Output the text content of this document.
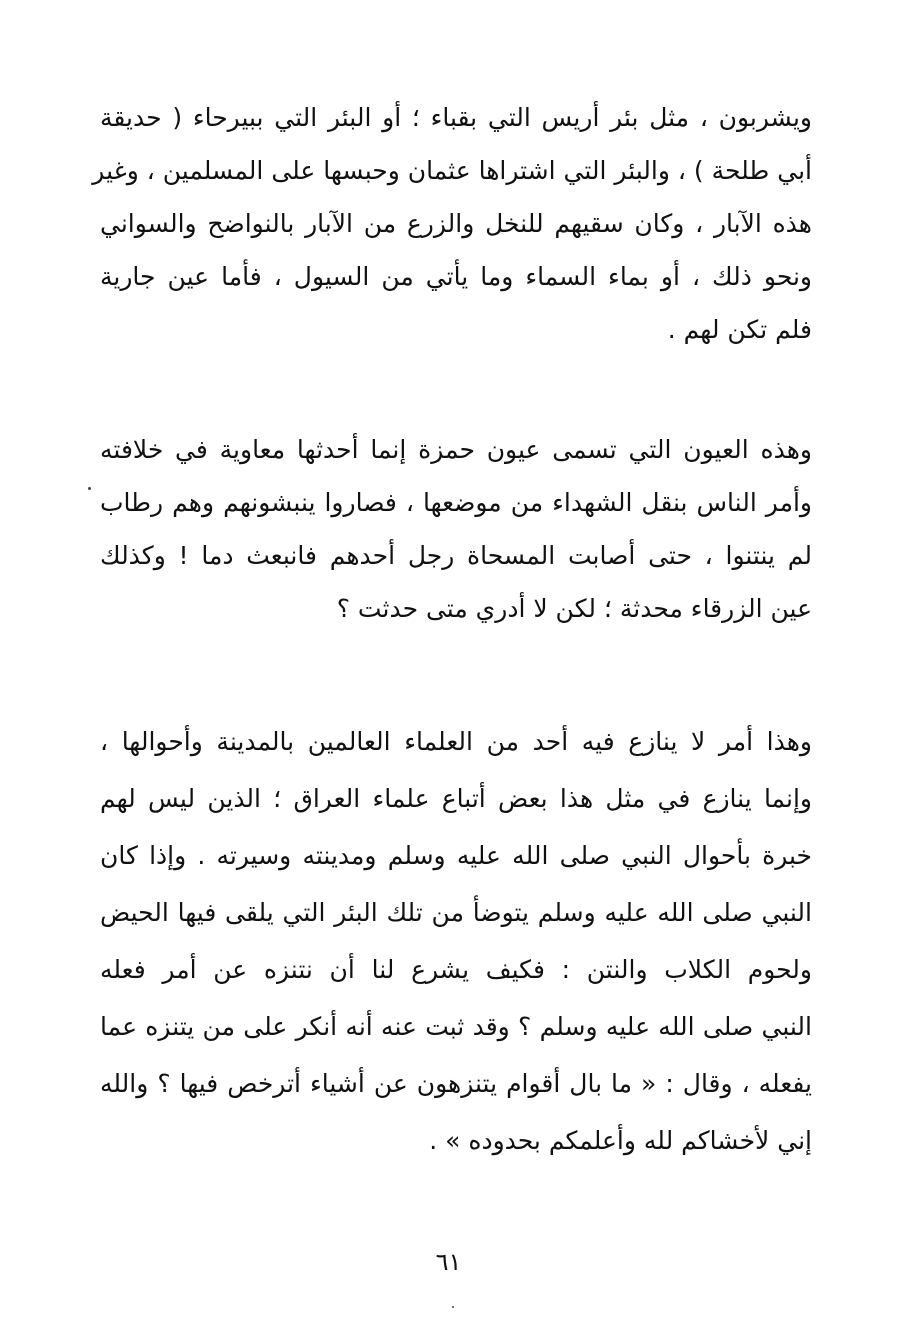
ويشربون ، مثل بئر أريس التي بقباء ؛ أو البئر التي ببيرحاء ( حديقة
أبي طلحة ) ، والبئر التي اشتراها عثمان وحبسها على المسلمين ، وغير
هذه الآبار ، وكان سقيهم للنخل والزرع من الآبار بالنواضح والسواني
ونحو ذلك ، أو بماء السماء وما يأتي من السيول ، فأما عين جارية
فلم تكن لهم .
وهذه العيون التي تسمى عيون حمزة إنما أحدثها معاوية في خلافته
وأمر الناس بنقل الشهداء من موضعها ، فصاروا ينبشونهم وهم رطاب
لم ينتنوا ، حتى أصابت المسحاة رجل أحدهم فانبعث دما ! وكذلك
عين الزرقاء محدثة ؛ لكن لا أدري متى حدثت ؟
وهذا أمر لا ينازع فيه أحد من العلماء العالمين بالمدينة وأحوالها ،
وإنما ينازع في مثل هذا بعض أتباع علماء العراق ؛ الذين ليس لهم
خبرة بأحوال النبي صلى الله عليه وسلم ومدينته وسيرته . وإذا كان
النبي صلى الله عليه وسلم يتوضأ من تلك البئر التي يلقى فيها الحيض
ولحوم الكلاب والنتن : فكيف يشرع لنا أن نتنزه عن أمر فعله
النبي صلى الله عليه وسلم ؟ وقد ثبت عنه أنه أنكر على من يتنزه عما
يفعله ، وقال : « ما بال أقوام يتنزهون عن أشياء أترخص فيها ؟ والله
إني لأخشاكم لله وأعلمكم بحدوده » .
٦١
